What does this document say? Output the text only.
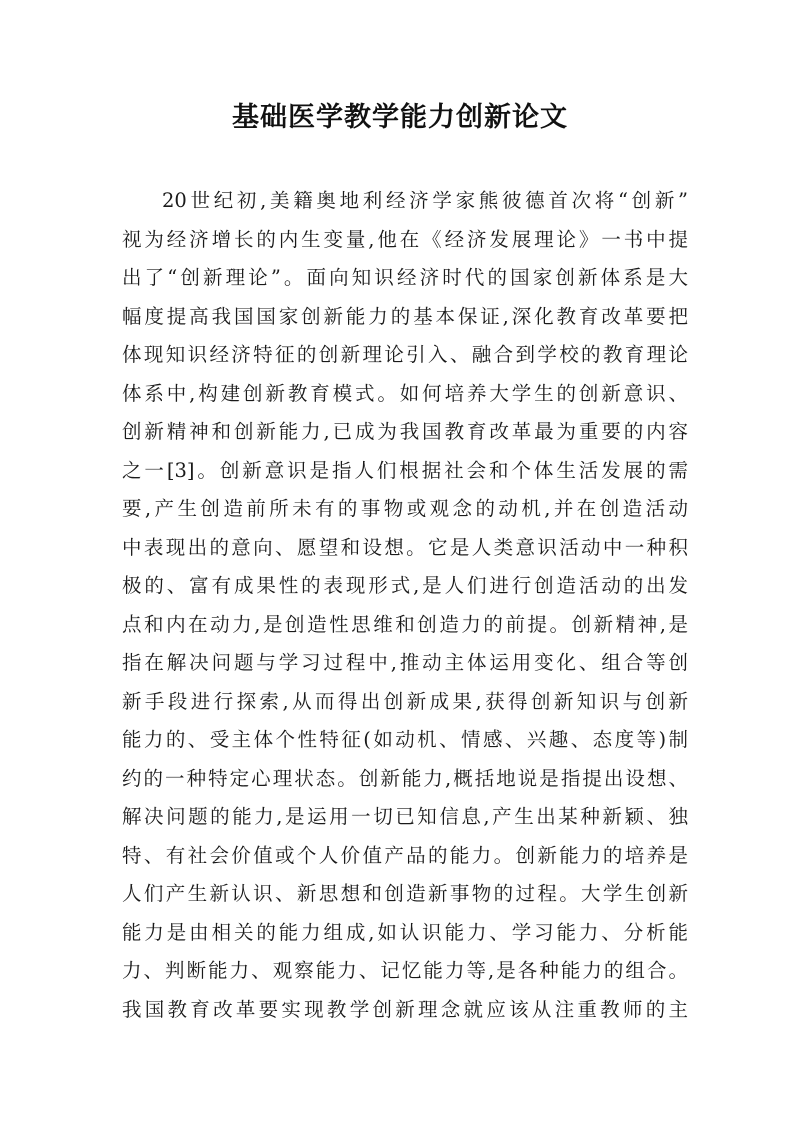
基础医学教学能力创新论文
20世纪初,美籍奥地利经济学家熊彼德首次将“创新”
视为经济增长的内生变量,他在《经济发展理论》一书中提
出了“创新理论”。面向知识经济时代的国家创新体系是大
幅度提高我国国家创新能力的基本保证,深化教育改革要把
体现知识经济特征的创新理论引入、融合到学校的教育理论
体系中,构建创新教育模式。如何培养大学生的创新意识、
创新精神和创新能力,已成为我国教育改革最为重要的内容
之一[3]。创新意识是指人们根据社会和个体生活发展的需
要,产生创造前所未有的事物或观念的动机,并在创造活动
中表现出的意向、愿望和设想。它是人类意识活动中一种积
极的、富有成果性的表现形式,是人们进行创造活动的出发
点和内在动力,是创造性思维和创造力的前提。创新精神,是
指在解决问题与学习过程中,推动主体运用变化、组合等创
新手段进行探索,从而得出创新成果,获得创新知识与创新
能力的、受主体个性特征(如动机、情感、兴趣、态度等)制
约的一种特定心理状态。创新能力,概括地说是指提出设想、
解决问题的能力,是运用一切已知信息,产生出某种新颖、独
特、有社会价值或个人价值产品的能力。创新能力的培养是
人们产生新认识、新思想和创造新事物的过程。大学生创新
能力是由相关的能力组成,如认识能力、学习能力、分析能
力、判断能力、观察能力、记忆能力等,是各种能力的组合。
我国教育改革要实现教学创新理念就应该从注重教师的主
